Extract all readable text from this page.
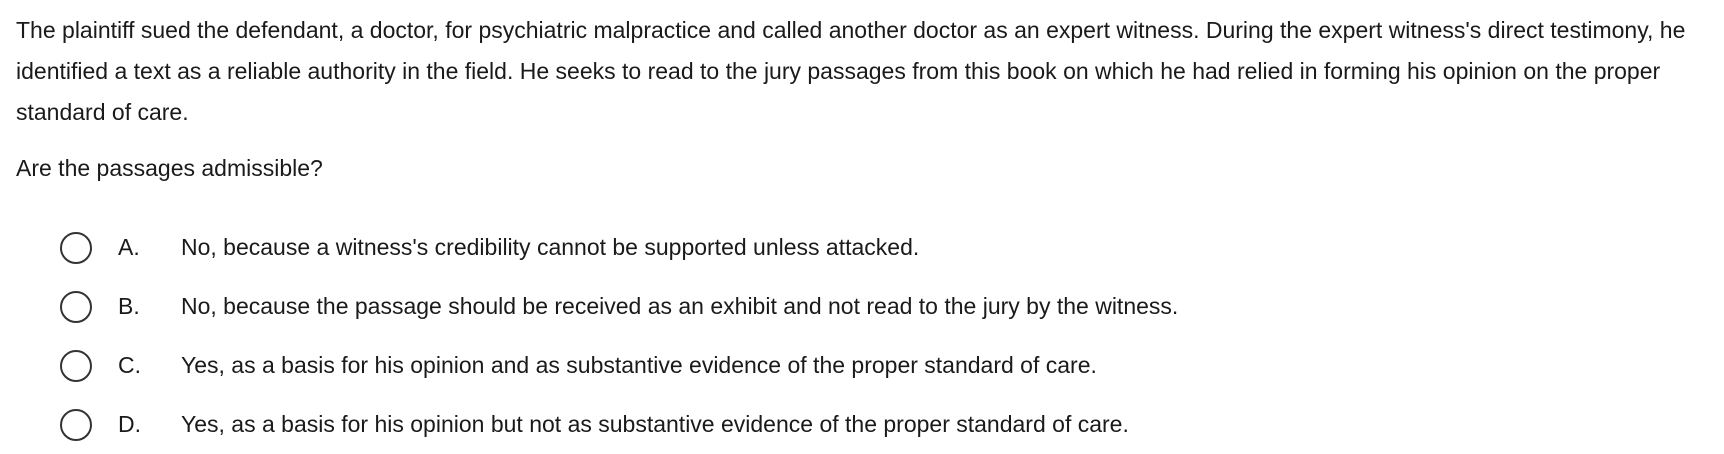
The plaintiff sued the defendant, a doctor, for psychiatric malpractice and called another doctor as an expert witness. During the expert witness's direct testimony, he identified a text as a reliable authority in the field. He seeks to read to the jury passages from this book on which he had relied in forming his opinion on the proper standard of care.

Are the passages admissible?

A. No, because a witness's credibility cannot be supported unless attacked.
B. No, because the passage should be received as an exhibit and not read to the jury by the witness.
C. Yes, as a basis for his opinion and as substantive evidence of the proper standard of care.
D. Yes, as a basis for his opinion but not as substantive evidence of the proper standard of care.
